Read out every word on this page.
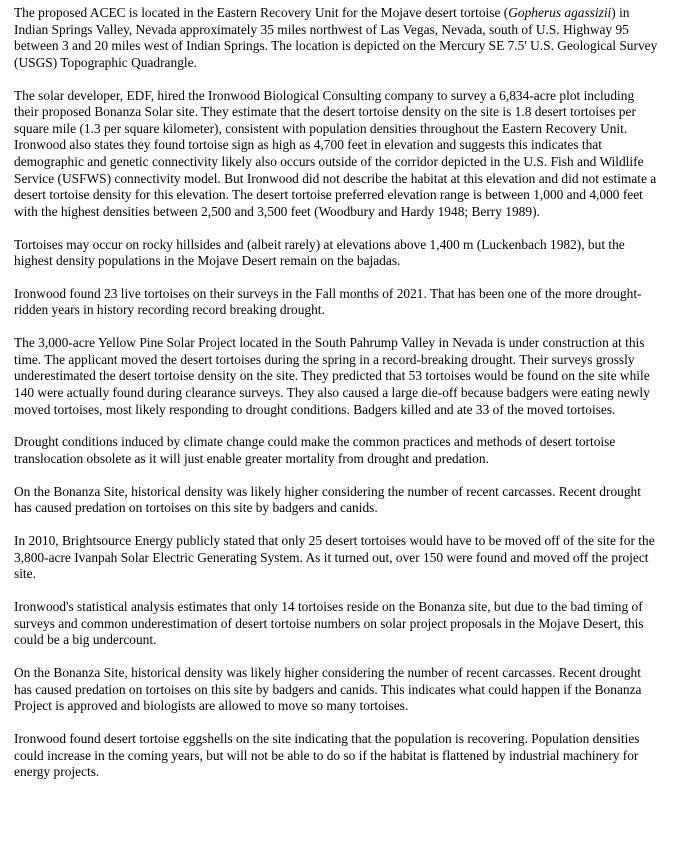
The proposed ACEC is located in the Eastern Recovery Unit for the Mojave desert tortoise (Gopherus agassizii) in Indian Springs Valley, Nevada approximately 35 miles northwest of Las Vegas, Nevada, south of U.S. Highway 95 between 3 and 20 miles west of Indian Springs. The location is depicted on the Mercury SE 7.5' U.S. Geological Survey (USGS) Topographic Quadrangle.

The solar developer, EDF, hired the Ironwood Biological Consulting company to survey a 6,834-acre plot including their proposed Bonanza Solar site. They estimate that the desert tortoise density on the site is 1.8 desert tortoises per square mile (1.3 per square kilometer), consistent with population densities throughout the Eastern Recovery Unit. Ironwood also states they found tortoise sign as high as 4,700 feet in elevation and suggests this indicates that demographic and genetic connectivity likely also occurs outside of the corridor depicted in the U.S. Fish and Wildlife Service (USFWS) connectivity model. But Ironwood did not describe the habitat at this elevation and did not estimate a desert tortoise density for this elevation. The desert tortoise preferred elevation range is between 1,000 and 4,000 feet with the highest densities between 2,500 and 3,500 feet (Woodbury and Hardy 1948; Berry 1989).

Tortoises may occur on rocky hillsides and (albeit rarely) at elevations above 1,400 m (Luckenbach 1982), but the highest density populations in the Mojave Desert remain on the bajadas.

Ironwood found 23 live tortoises on their surveys in the Fall months of 2021. That has been one of the more drought-ridden years in history recording record breaking drought.

The 3,000-acre Yellow Pine Solar Project located in the South Pahrump Valley in Nevada is under construction at this time. The applicant moved the desert tortoises during the spring in a record-breaking drought. Their surveys grossly underestimated the desert tortoise density on the site. They predicted that 53 tortoises would be found on the site while 140 were actually found during clearance surveys. They also caused a large die-off because badgers were eating newly moved tortoises, most likely responding to drought conditions. Badgers killed and ate 33 of the moved tortoises.

Drought conditions induced by climate change could make the common practices and methods of desert tortoise translocation obsolete as it will just enable greater mortality from drought and predation.

On the Bonanza Site, historical density was likely higher considering the number of recent carcasses. Recent drought has caused predation on tortoises on this site by badgers and canids.

In 2010, Brightsource Energy publicly stated that only 25 desert tortoises would have to be moved off of the site for the 3,800-acre Ivanpah Solar Electric Generating System. As it turned out, over 150 were found and moved off the project site.

Ironwood's statistical analysis estimates that only 14 tortoises reside on the Bonanza site, but due to the bad timing of surveys and common underestimation of desert tortoise numbers on solar project proposals in the Mojave Desert, this could be a big undercount.

On the Bonanza Site, historical density was likely higher considering the number of recent carcasses. Recent drought has caused predation on tortoises on this site by badgers and canids. This indicates what could happen if the Bonanza Project is approved and biologists are allowed to move so many tortoises.

Ironwood found desert tortoise eggshells on the site indicating that the population is recovering. Population densities could increase in the coming years, but will not be able to do so if the habitat is flattened by industrial machinery for energy projects.
